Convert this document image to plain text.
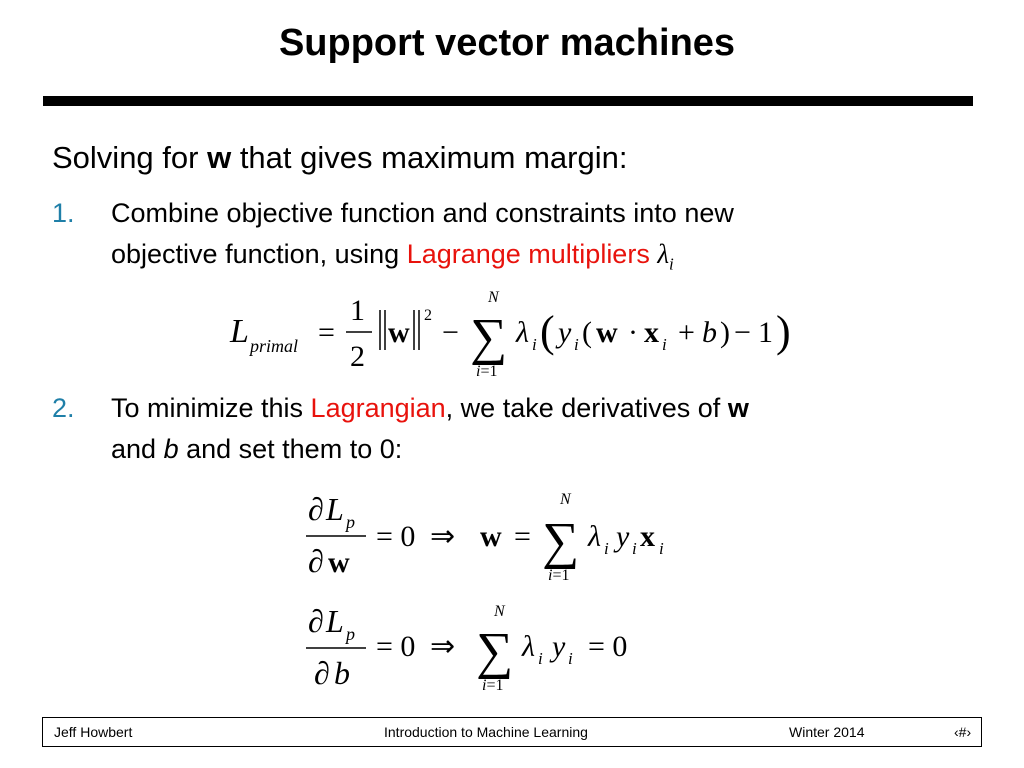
Support vector machines
Solving for w that gives maximum margin:
1. Combine objective function and constraints into new
objective function, using Lagrange multipliers $\lambda_i$
L primal =
1
2
w
2
−
N
∑
i=1
λ i ( y i ( w · x i + b ) − 1 )
2. To minimize this Lagrangian, we take derivatives of w
and b and set them to 0:
∂ L p
∂ w
= 0 ⇒ w =
N
∑
i=1
λ i y i x i
∂ L p
∂ b
= 0 ⇒
N
∑
i=1
λ i y i = 0
Jeff Howbert	Introduction to Machine Learning	Winter 2014	‹#›
